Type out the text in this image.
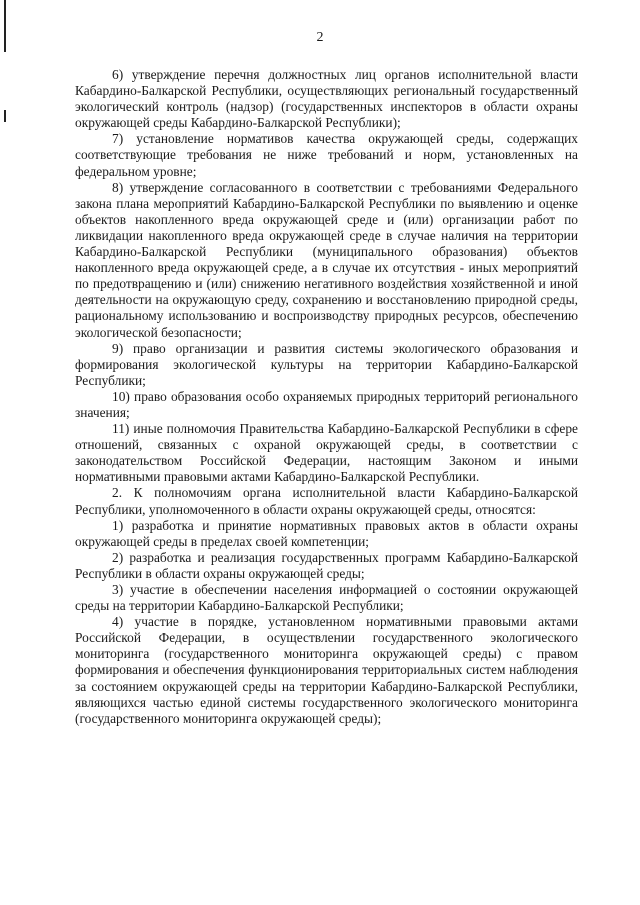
2

6) утверждение перечня должностных лиц органов исполнительной власти Кабардино-Балкарской Республики, осуществляющих региональный государственный экологический контроль (надзор) (государственных инспекторов в области охраны окружающей среды Кабардино-Балкарской Республики);

7) установление нормативов качества окружающей среды, содержащих соответствующие требования не ниже требований и норм, установленных на федеральном уровне;

8) утверждение согласованного в соответствии с требованиями Федерального закона плана мероприятий Кабардино-Балкарской Республики по выявлению и оценке объектов накопленного вреда окружающей среде и (или) организации работ по ликвидации накопленного вреда окружающей среде в случае наличия на территории Кабардино-Балкарской Республики (муниципального образования) объектов накопленного вреда окружающей среде, а в случае их отсутствия - иных мероприятий по предотвращению и (или) снижению негативного воздействия хозяйственной и иной деятельности на окружающую среду, сохранению и восстановлению природной среды, рациональному использованию и воспроизводству природных ресурсов, обеспечению экологической безопасности;

9) право организации и развития системы экологического образования и формирования экологической культуры на территории Кабардино-Балкарской Республики;

10) право образования особо охраняемых природных территорий регионального значения;

11) иные полномочия Правительства Кабардино-Балкарской Республики в сфере отношений, связанных с охраной окружающей среды, в соответствии с законодательством Российской Федерации, настоящим Законом и иными нормативными правовыми актами Кабардино-Балкарской Республики.

2. К полномочиям органа исполнительной власти Кабардино-Балкарской Республики, уполномоченного в области охраны окружающей среды, относятся:

1) разработка и принятие нормативных правовых актов в области охраны окружающей среды в пределах своей компетенции;

2) разработка и реализация государственных программ Кабардино-Балкарской Республики в области охраны окружающей среды;

3) участие в обеспечении населения информацией о состоянии окружающей среды на территории Кабардино-Балкарской Республики;

4) участие в порядке, установленном нормативными правовыми актами Российской Федерации, в осуществлении государственного экологического мониторинга (государственного мониторинга окружающей среды) с правом формирования и обеспечения функционирования территориальных систем наблюдения за состоянием окружающей среды на территории Кабардино-Балкарской Республики, являющихся частью единой системы государственного экологического мониторинга (государственного мониторинга окружающей среды);
